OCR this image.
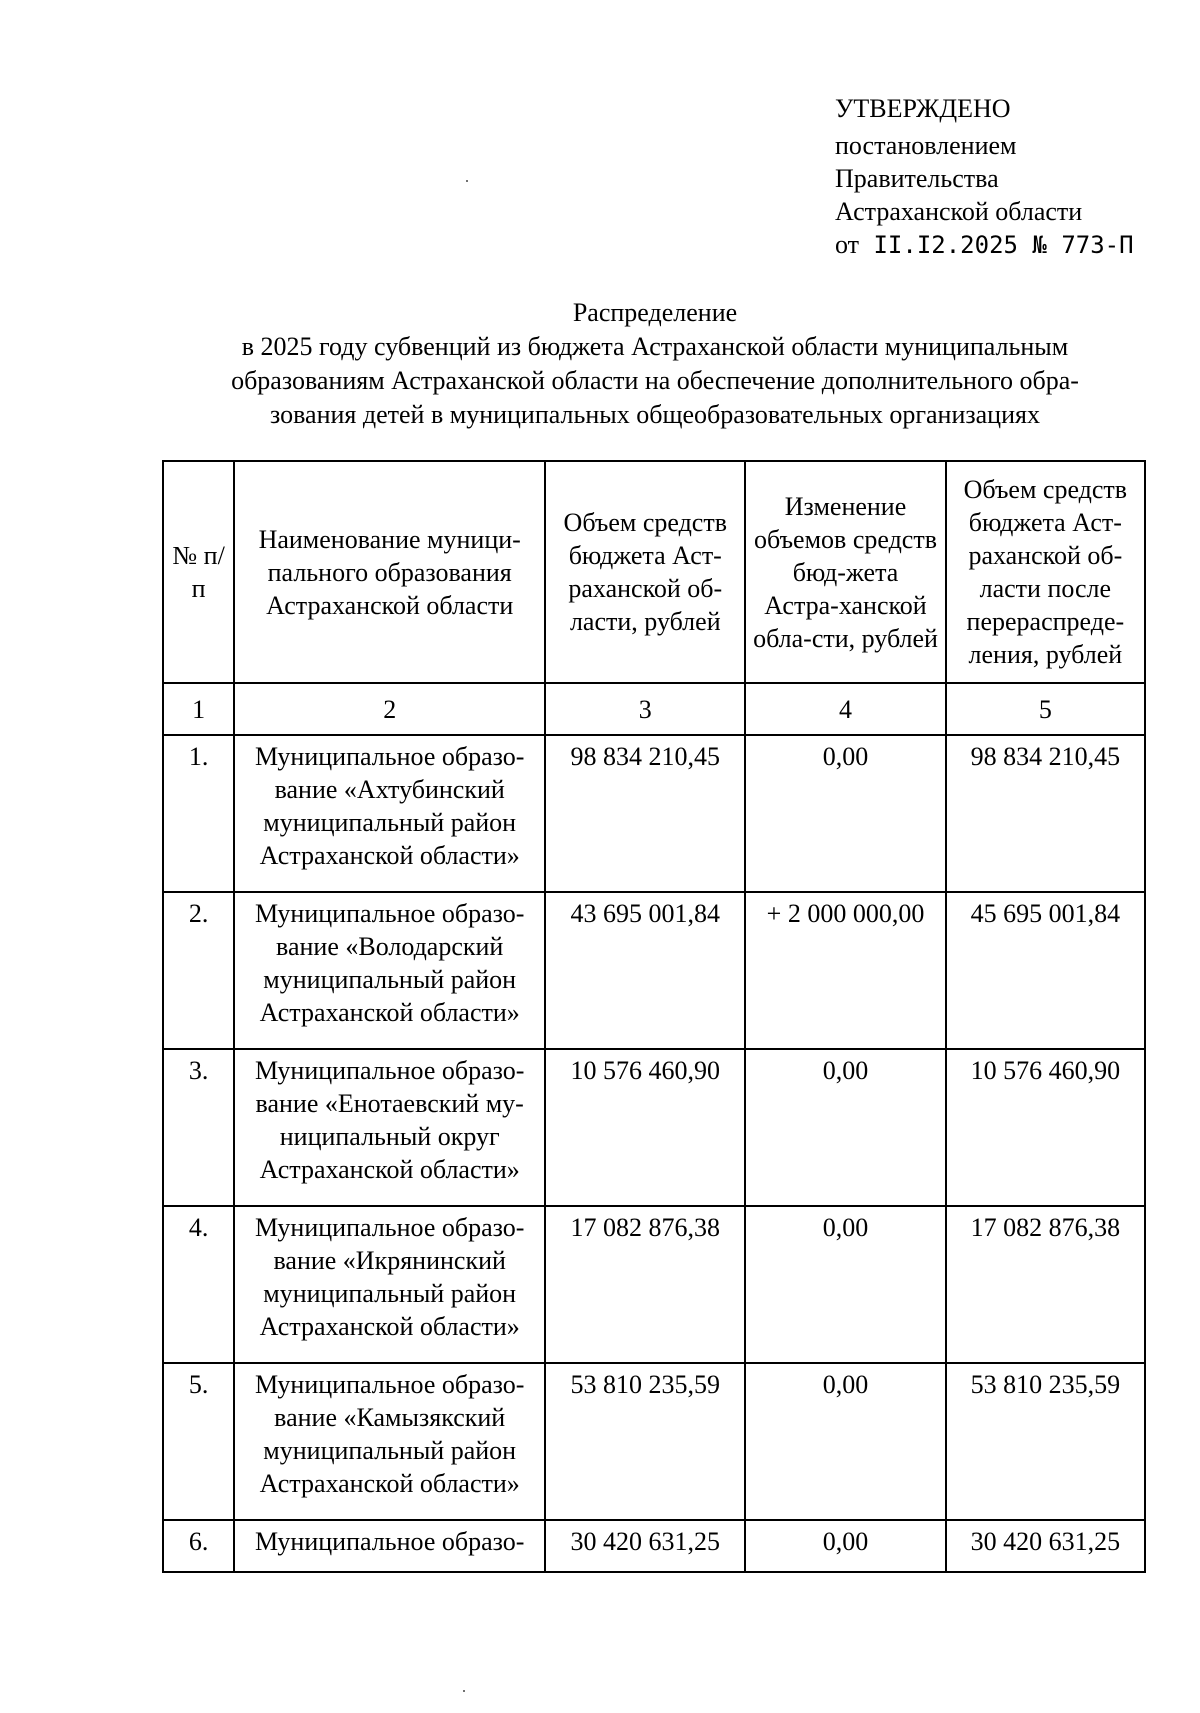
УТВЕРЖДЕНО
постановлением
Правительства
Астраханской области
от II.I2.2025 № 773-П
Распределение
в 2025 году субвенций из бюджета Астраханской области муниципальным
образованиям Астраханской области на обеспечение дополнительного обра-
зования детей в муниципальных общеобразовательных организациях
№ п/п	Наименование муници-пального образования Астраханской области	Объем средств бюджета Аст-раханской об-ласти, рублей	Изменение объемов средств бюд-жета Астра-ханской обла-сти, рублей	Объем средств бюджета Аст-раханской об-ласти после перераспреде-ления, рублей
1	2	3	4	5
1.	Муниципальное образо-вание «Ахтубинский муниципальный район Астраханской области»	98 834 210,45	0,00	98 834 210,45
2.	Муниципальное образо-вание «Володарский муниципальный район Астраханской области»	43 695 001,84	+ 2 000 000,00	45 695 001,84
3.	Муниципальное образо-вание «Енотаевский му-ниципальный округ Астраханской области»	10 576 460,90	0,00	10 576 460,90
4.	Муниципальное образо-вание «Икрянинский муниципальный район Астраханской области»	17 082 876,38	0,00	17 082 876,38
5.	Муниципальное образо-вание «Камызякский муниципальный район Астраханской области»	53 810 235,59	0,00	53 810 235,59
6.	Муниципальное образо-	30 420 631,25	0,00	30 420 631,25
